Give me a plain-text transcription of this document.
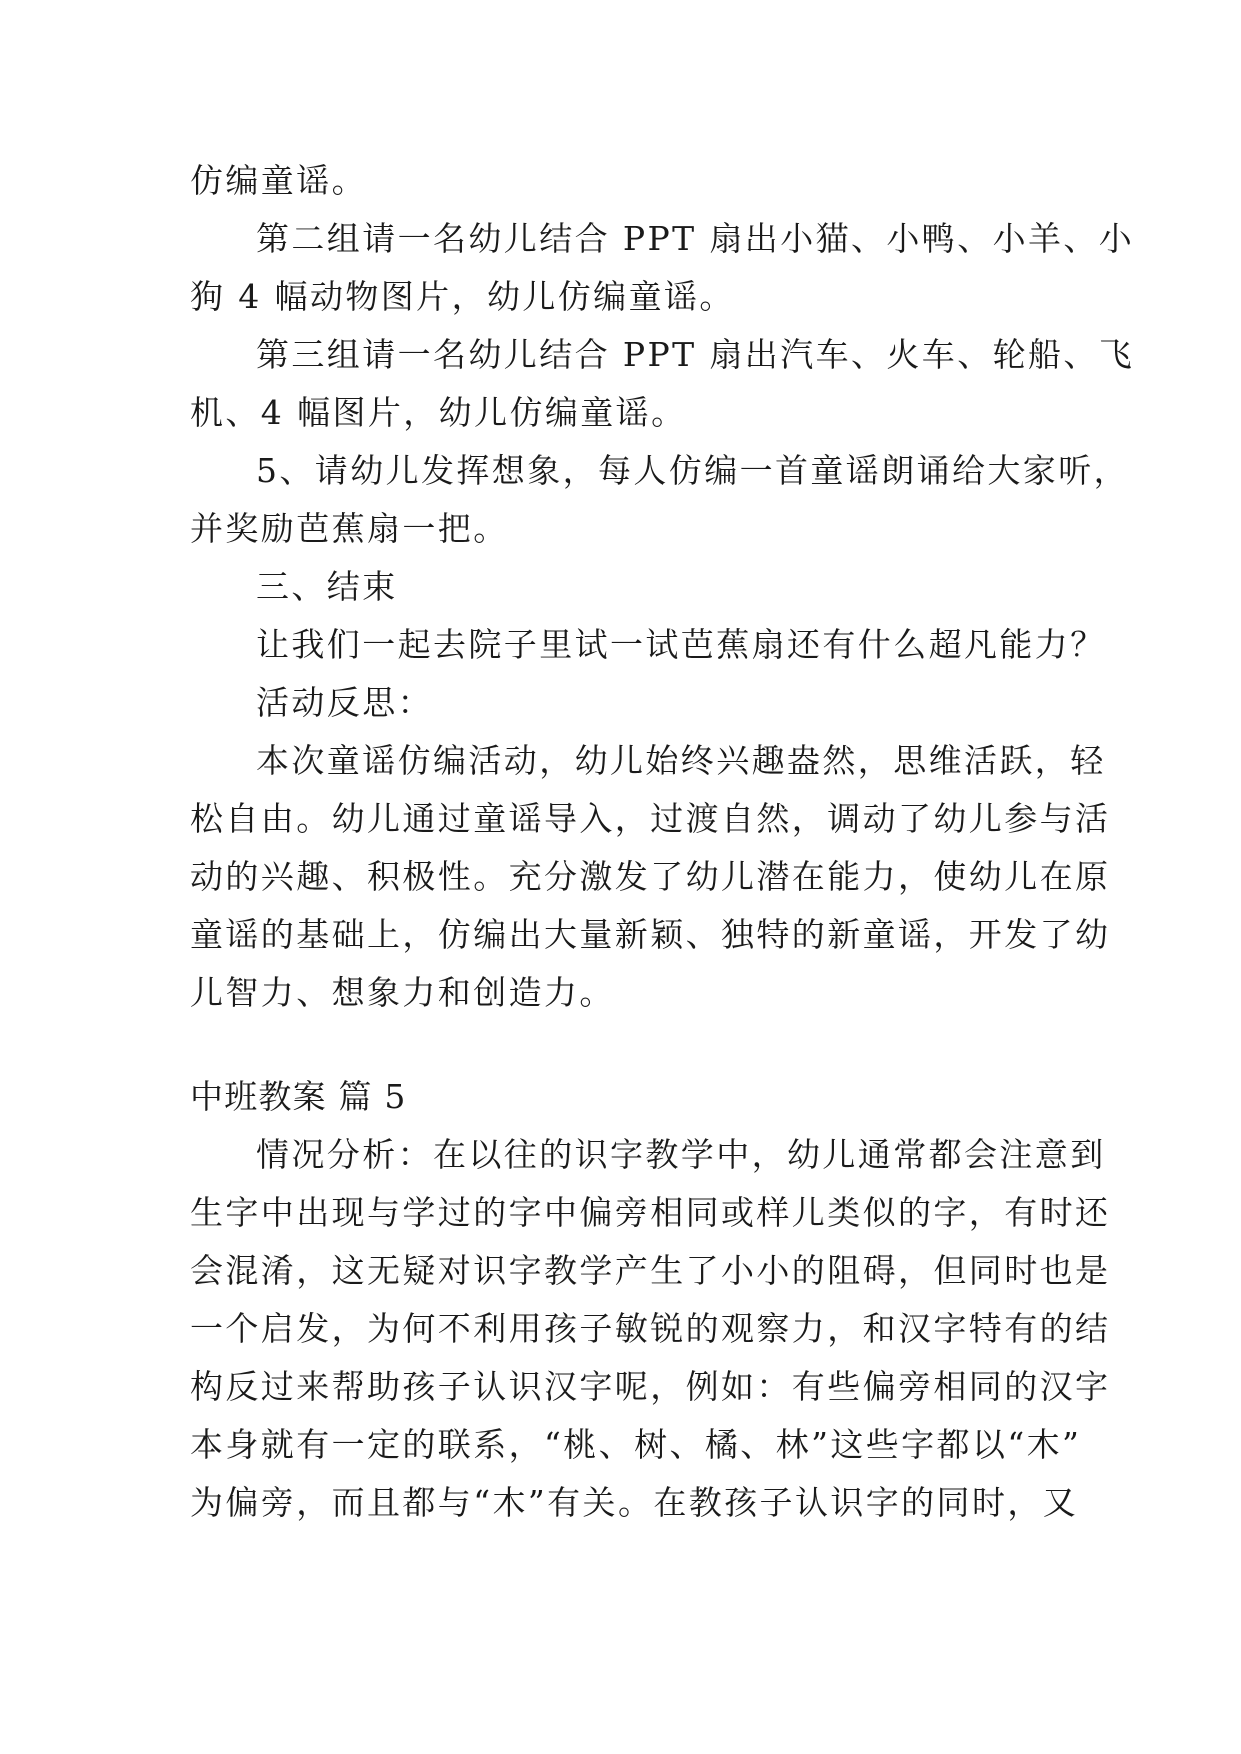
仿编童谣。
第二组请一名幼儿结合 PPT 扇出小猫、小鸭、小羊、小
狗 4 幅动物图片，幼儿仿编童谣。
第三组请一名幼儿结合 PPT 扇出汽车、火车、轮船、飞
机、4 幅图片，幼儿仿编童谣。
5、请幼儿发挥想象，每人仿编一首童谣朗诵给大家听，
并奖励芭蕉扇一把。
三、结束
让我们一起去院子里试一试芭蕉扇还有什么超凡能力？
活动反思：
本次童谣仿编活动，幼儿始终兴趣盎然，思维活跃，轻
松自由。幼儿通过童谣导入，过渡自然，调动了幼儿参与活
动的兴趣、积极性。充分激发了幼儿潜在能力，使幼儿在原
童谣的基础上，仿编出大量新颖、独特的新童谣，开发了幼
儿智力、想象力和创造力。
中班教案 篇 5
情况分析：在以往的识字教学中，幼儿通常都会注意到
生字中出现与学过的字中偏旁相同或样儿类似的字，有时还
会混淆，这无疑对识字教学产生了小小的阻碍，但同时也是
一个启发，为何不利用孩子敏锐的观察力，和汉字特有的结
构反过来帮助孩子认识汉字呢，例如：有些偏旁相同的汉字
本身就有一定的联系，“桃、树、橘、林”这些字都以“木”
为偏旁，而且都与“木”有关。在教孩子认识字的同时，又
